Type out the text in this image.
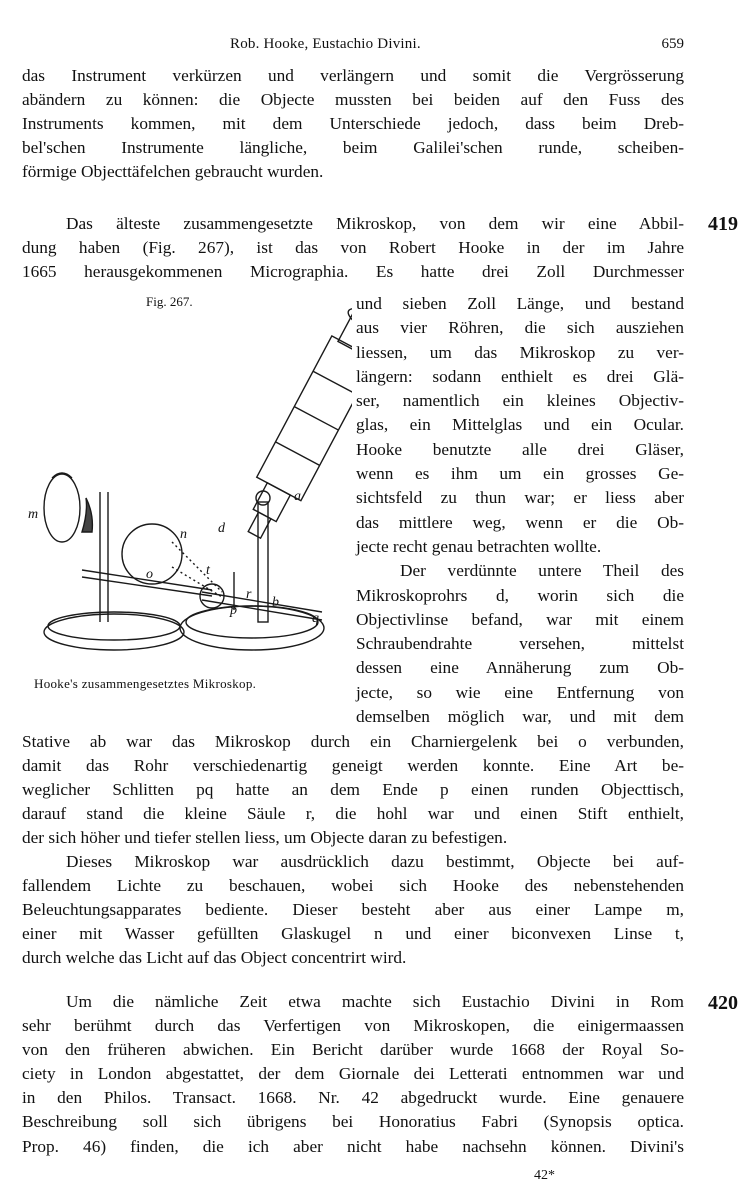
Rob. Hooke, Eustachio Divini.	659
das Instrument verkürzen und verlängern und somit die Vergrösserung
abändern zu können: die Objecte mussten bei beiden auf den Fuss des
Instruments kommen, mit dem Unterschiede jedoch, dass beim Dreb-
bel'schen Instrumente längliche, beim Galilei'schen runde, scheiben-
förmige Objecttäfelchen gebraucht wurden.
Das älteste zusammengesetzte Mikroskop, von dem wir eine Abbil-
dung haben (Fig. 267), ist das von Robert Hooke in der im Jahre
1665 herausgekommenen Micrographia. Es hatte drei Zoll Durchmesser
419
Fig. 267.
m
n
a
d
o	t
p
q
r
b
Hooke's zusammengesetztes Mikroskop.
und sieben Zoll Länge, und bestand
aus vier Röhren, die sich ausziehen
liessen, um das Mikroskop zu ver-
längern: sodann enthielt es drei Glä-
ser, namentlich ein kleines Objectiv-
glas, ein Mittelglas und ein Ocular.
Hooke benutzte alle drei Gläser,
wenn es ihm um ein grosses Ge-
sichtsfeld zu thun war; er liess aber
das mittlere weg, wenn er die Ob-
jecte recht genau betrachten wollte.
Der verdünnte untere Theil des
Mikroskoprohrs d, worin sich die
Objectivlinse befand, war mit einem
Schraubendrahte versehen, mittelst
dessen eine Annäherung zum Ob-
jecte, so wie eine Entfernung von
demselben möglich war, und mit dem
Stative ab war das Mikroskop durch ein Charniergelenk bei o verbunden,
damit das Rohr verschiedenartig geneigt werden konnte. Eine Art be-
weglicher Schlitten pq hatte an dem Ende p einen runden Objecttisch,
darauf stand die kleine Säule r, die hohl war und einen Stift enthielt,
der sich höher und tiefer stellen liess, um Objecte daran zu befestigen.
Dieses Mikroskop war ausdrücklich dazu bestimmt, Objecte bei auf-
fallendem Lichte zu beschauen, wobei sich Hooke des nebenstehenden
Beleuchtungsapparates bediente. Dieser besteht aber aus einer Lampe m,
einer mit Wasser gefüllten Glaskugel n und einer biconvexen Linse t,
durch welche das Licht auf das Object concentrirt wird.
Um die nämliche Zeit etwa machte sich Eustachio Divini in Rom
sehr berühmt durch das Verfertigen von Mikroskopen, die einigermaassen
von den früheren abwichen. Ein Bericht darüber wurde 1668 der Royal So-
ciety in London abgestattet, der dem Giornale dei Letterati entnommen war und
in den Philos. Transact. 1668. Nr. 42 abgedruckt wurde. Eine genauere
Beschreibung soll sich übrigens bei Honoratius Fabri (Synopsis optica.
Prop. 46) finden, die ich aber nicht habe nachsehn können. Divini's
420
42*
